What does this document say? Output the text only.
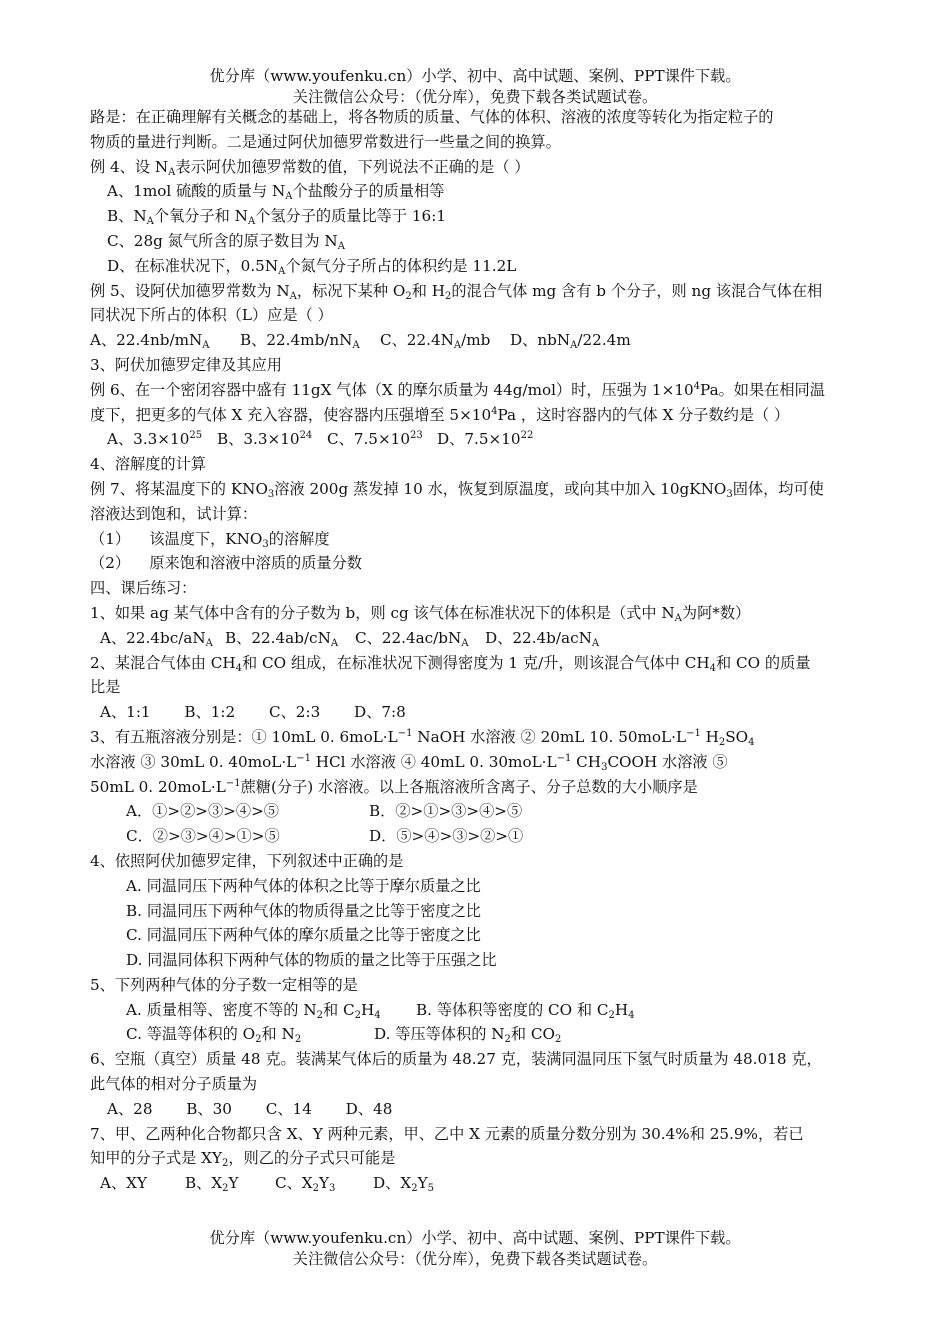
优分库（www.youfenku.cn）小学、初中、高中试题、案例、PPT课件下载。
关注微信公众号：（优分库），免费下载各类试题试卷。
路是：在正确理解有关概念的基础上，将各物质的质量、气体的体积、溶液的浓度等转化为指定粒子的
物质的量进行判断。二是通过阿伏加德罗常数进行一些量之间的换算。
例 4、设 $N_A$表示阿伏加德罗常数的值，下列说法不正确的是（ ）
A、1mol 硫酸的质量与 $N_A$个盐酸分子的质量相等
B、$N_A$个氧分子和 $N_A$个氢分子的质量比等于 16:1
C、28g 氮气所含的原子数目为 $N_A$
D、在标准状况下，$0.5N_A$个氮气分子所占的体积约是 11.2L
例 5、设阿伏加德罗常数为 $N_A$，标况下某种 $O_2$和 $H_2$的混合气体 mg 含有 b 个分子，则 ng 该混合气体在相
同状况下所占的体积（L）应是（ ）
A、$22.4nb/mN_A$ B、$22.4mb/nN_A$ C、$22.4N_A/mb$ D、nbN$_A$/22.4m
3、阿伏加德罗定律及其应用
例 6、在一个密闭容器中盛有 11gX 气体（X 的摩尔质量为 44g/mol）时，压强为 $1\times 10^4Pa$。如果在相同温
度下，把更多的气体 X 充入容器，使容器内压强增至 $5\times 10^4Pa$ ，这时容器内的气体 X 分子数约是（ ）
A、$3.3\times 10^{25}$ B、$3.3\times 10^{24}$ C、$7.5\times 10^{23}$ D、$7.5\times 10^{22}$
4、溶解度的计算
例 7、将某温度下的 $KNO_3$溶液 200g 蒸发掉 10 水，恢复到原温度，或向其中加入 10gKNO$_3$固体，均可使
溶液达到饱和，试计算：
（1）    该温度下，$KNO_3$的溶解度
（2）    原来饱和溶液中溶质的质量分数
四、课后练习：
1、如果 ag 某气体中含有的分子数为 b，则 cg 该气体在标准状况下的体积是（式中 $N_A$为阿*数）
A、$22.4bc/aN_A$ B、$22.4ab/cN_A$ C、$22.4ac/bN_A$ D、22.4b/acN$_A$
2、某混合气体由 $CH_4$和 CO 组成，在标准状况下测得密度为 1 克/升，则该混合气体中 $CH_4$和 CO 的质量
比是
A、1:1       B、1:2       C、2:3       D、7:8
3、有五瓶溶液分别是：① 10mL 0. $6moL\cdot L^{-1}$ NaOH 水溶液 ② 20mL 10. $50moL\cdot L^{-1}$ $H_2SO_4$
水溶液 ③ 30mL 0. $40moL\cdot L^{-1}$ HCl 水溶液 ④ 40mL 0. $30moL\cdot L^{-1}$ $CH_3COOH$ 水溶液 ⑤
50mL 0. $20moL\cdot L^{-1}$蔗糖(分子) 水溶液。以上各瓶溶液所含离子、分子总数的大小顺序是
A．①>②>③>④>⑤	B．②>①>③>④>⑤
C．②>③>④>①>⑤	D．⑤>④>③>②>①
4、依照阿伏加德罗定律，下列叙述中正确的是
A. 同温同压下两种气体的体积之比等于摩尔质量之比
B. 同温同压下两种气体的物质得量之比等于密度之比
C. 同温同压下两种气体的摩尔质量之比等于密度之比
D. 同温同体积下两种气体的物质的量之比等于压强之比
5、下列两种气体的分子数一定相等的是
A. 质量相等、密度不等的 $N_2$和 $C_2H_4$ B. 等体积等密度的 CO 和 $C_2H_4$
C. 等温等体积的 $O_2$和 $N_2$	D. 等压等体积的 $N_2$和 $CO_2$
6、空瓶（真空）质量 48 克。装满某气体后的质量为 48.27 克，装满同温同压下氢气时质量为 48.018 克，
此气体的相对分子质量为
A、28       B、30       C、14       D、48
7、甲、乙两种化合物都只含 X、Y 两种元素，甲、乙中 X 元素的质量分数分别为 30.4%和 25.9%，若已
知甲的分子式是 $XY_2$，则乙的分子式只可能是
A、XY	B、$X_2Y$ C、$X_2Y_3$ D、$X_2Y_5$
优分库（www.youfenku.cn）小学、初中、高中试题、案例、PPT课件下载。
关注微信公众号：（优分库），免费下载各类试题试卷。
